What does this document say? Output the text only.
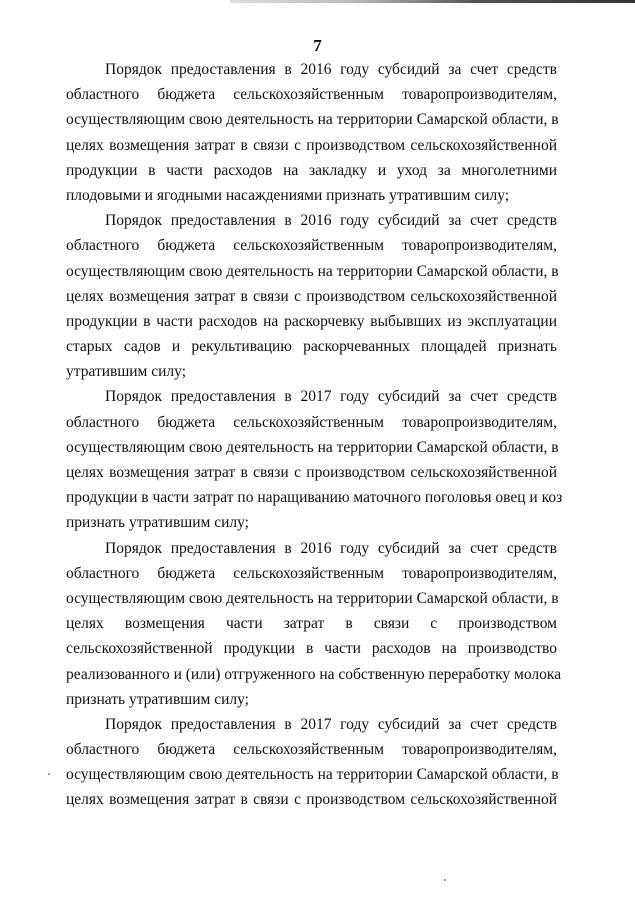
7
Порядок предоставления в 2016 году субсидий за счет средств
областного бюджета сельскохозяйственным товаропроизводителям,
осуществляющим свою деятельность на территории Самарской области, в
целях возмещения затрат в связи с производством сельскохозяйственной
продукции в части расходов на закладку и уход за многолетними
плодовыми и ягодными насаждениями признать утратившим силу;
Порядок предоставления в 2016 году субсидий за счет средств
областного бюджета сельскохозяйственным товаропроизводителям,
осуществляющим свою деятельность на территории Самарской области, в
целях возмещения затрат в связи с производством сельскохозяйственной
продукции в части расходов на раскорчевку выбывших из эксплуатации
старых садов и рекультивацию раскорчеванных площадей признать
утратившим силу;
Порядок предоставления в 2017 году субсидий за счет средств
областного бюджета сельскохозяйственным товаропроизводителям,
осуществляющим свою деятельность на территории Самарской области, в
целях возмещения затрат в связи с производством сельскохозяйственной
продукции в части затрат по наращиванию маточного поголовья овец и коз
признать утратившим силу;
Порядок предоставления в 2016 году субсидий за счет средств
областного бюджета сельскохозяйственным товаропроизводителям,
осуществляющим свою деятельность на территории Самарской области, в
целях возмещения части затрат в связи с производством
сельскохозяйственной продукции в части расходов на производство
реализованного и (или) отгруженного на собственную переработку молока
признать утратившим силу;
Порядок предоставления в 2017 году субсидий за счет средств
областного бюджета сельскохозяйственным товаропроизводителям,
осуществляющим свою деятельность на территории Самарской области, в
целях возмещения затрат в связи с производством сельскохозяйственной
